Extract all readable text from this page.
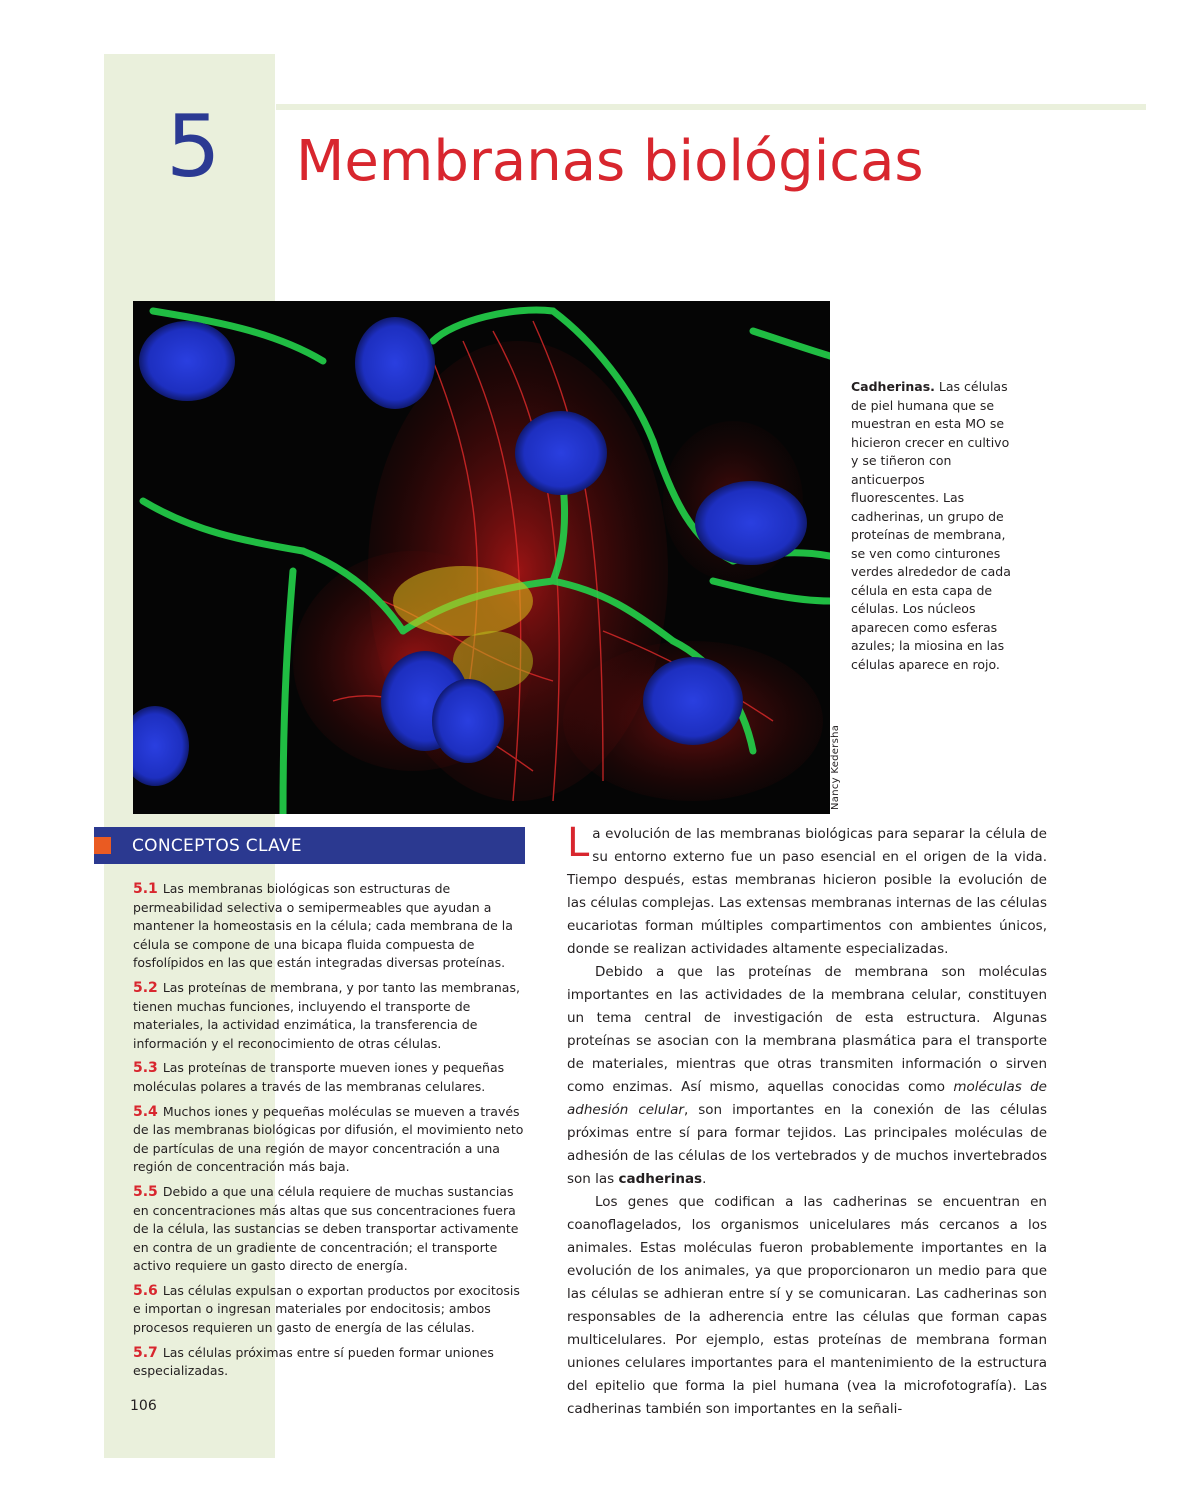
5 Membranas biológicas
Nancy Kedersha
Cadherinas. Las células de piel humana que se muestran en esta MO se hicieron crecer en cultivo y se tiñeron con anticuerpos fluorescentes. Las cadherinas, un grupo de proteínas de membrana, se ven como cinturones verdes alrededor de cada célula en esta capa de células. Los núcleos aparecen como esferas azules; la miosina en las células aparece en rojo.
CONCEPTOS CLAVE
5.1 Las membranas biológicas son estructuras de permeabilidad selectiva o semipermeables que ayudan a mantener la homeostasis en la célula; cada membrana de la célula se compone de una bicapa fluida compuesta de fosfolípidos en las que están integradas diversas proteínas.
5.2 Las proteínas de membrana, y por tanto las membranas, tienen muchas funciones, incluyendo el transporte de materiales, la actividad enzimática, la transferencia de información y el reconocimiento de otras células.
5.3 Las proteínas de transporte mueven iones y pequeñas moléculas polares a través de las membranas celulares.
5.4 Muchos iones y pequeñas moléculas se mueven a través de las membranas biológicas por difusión, el movimiento neto de partículas de una región de mayor concentración a una región de concentración más baja.
5.5 Debido a que una célula requiere de muchas sustancias en concentraciones más altas que sus concentraciones fuera de la célula, las sustancias se deben transportar activamente en contra de un gradiente de concentración; el transporte activo requiere un gasto directo de energía.
5.6 Las células expulsan o exportan productos por exocitosis e importan o ingresan materiales por endocitosis; ambos procesos requieren un gasto de energía de las células.
5.7 Las células próximas entre sí pueden formar uniones especializadas.
106

La evolución de las membranas biológicas para separar la célula de su entorno externo fue un paso esencial en el origen de la vida. Tiempo después, estas membranas hicieron posible la evolución de las células complejas. Las extensas membranas internas de las células eucariotas forman múltiples compartimentos con ambientes únicos, donde se realizan actividades altamente especializadas.

Debido a que las proteínas de membrana son moléculas importantes en las actividades de la membrana celular, constituyen un tema central de investigación de esta estructura. Algunas proteínas se asocian con la membrana plasmática para el transporte de materiales, mientras que otras transmiten información o sirven como enzimas. Así mismo, aquellas conocidas como moléculas de adhesión celular, son importantes en la conexión de las células próximas entre sí para formar tejidos. Las principales moléculas de adhesión de las células de los vertebrados y de muchos invertebrados son las cadherinas.

Los genes que codifican a las cadherinas se encuentran en coanoflagelados, los organismos unicelulares más cercanos a los animales. Estas moléculas fueron probablemente importantes en la evolución de los animales, ya que proporcionaron un medio para que las células se adhieran entre sí y se comunicaran. Las cadherinas son responsables de la adherencia entre las células que forman capas multicelulares. Por ejemplo, estas proteínas de membrana forman uniones celulares importantes para el mantenimiento de la estructura del epitelio que forma la piel humana (vea la microfotografía). Las cadherinas también son importantes en la señali-
